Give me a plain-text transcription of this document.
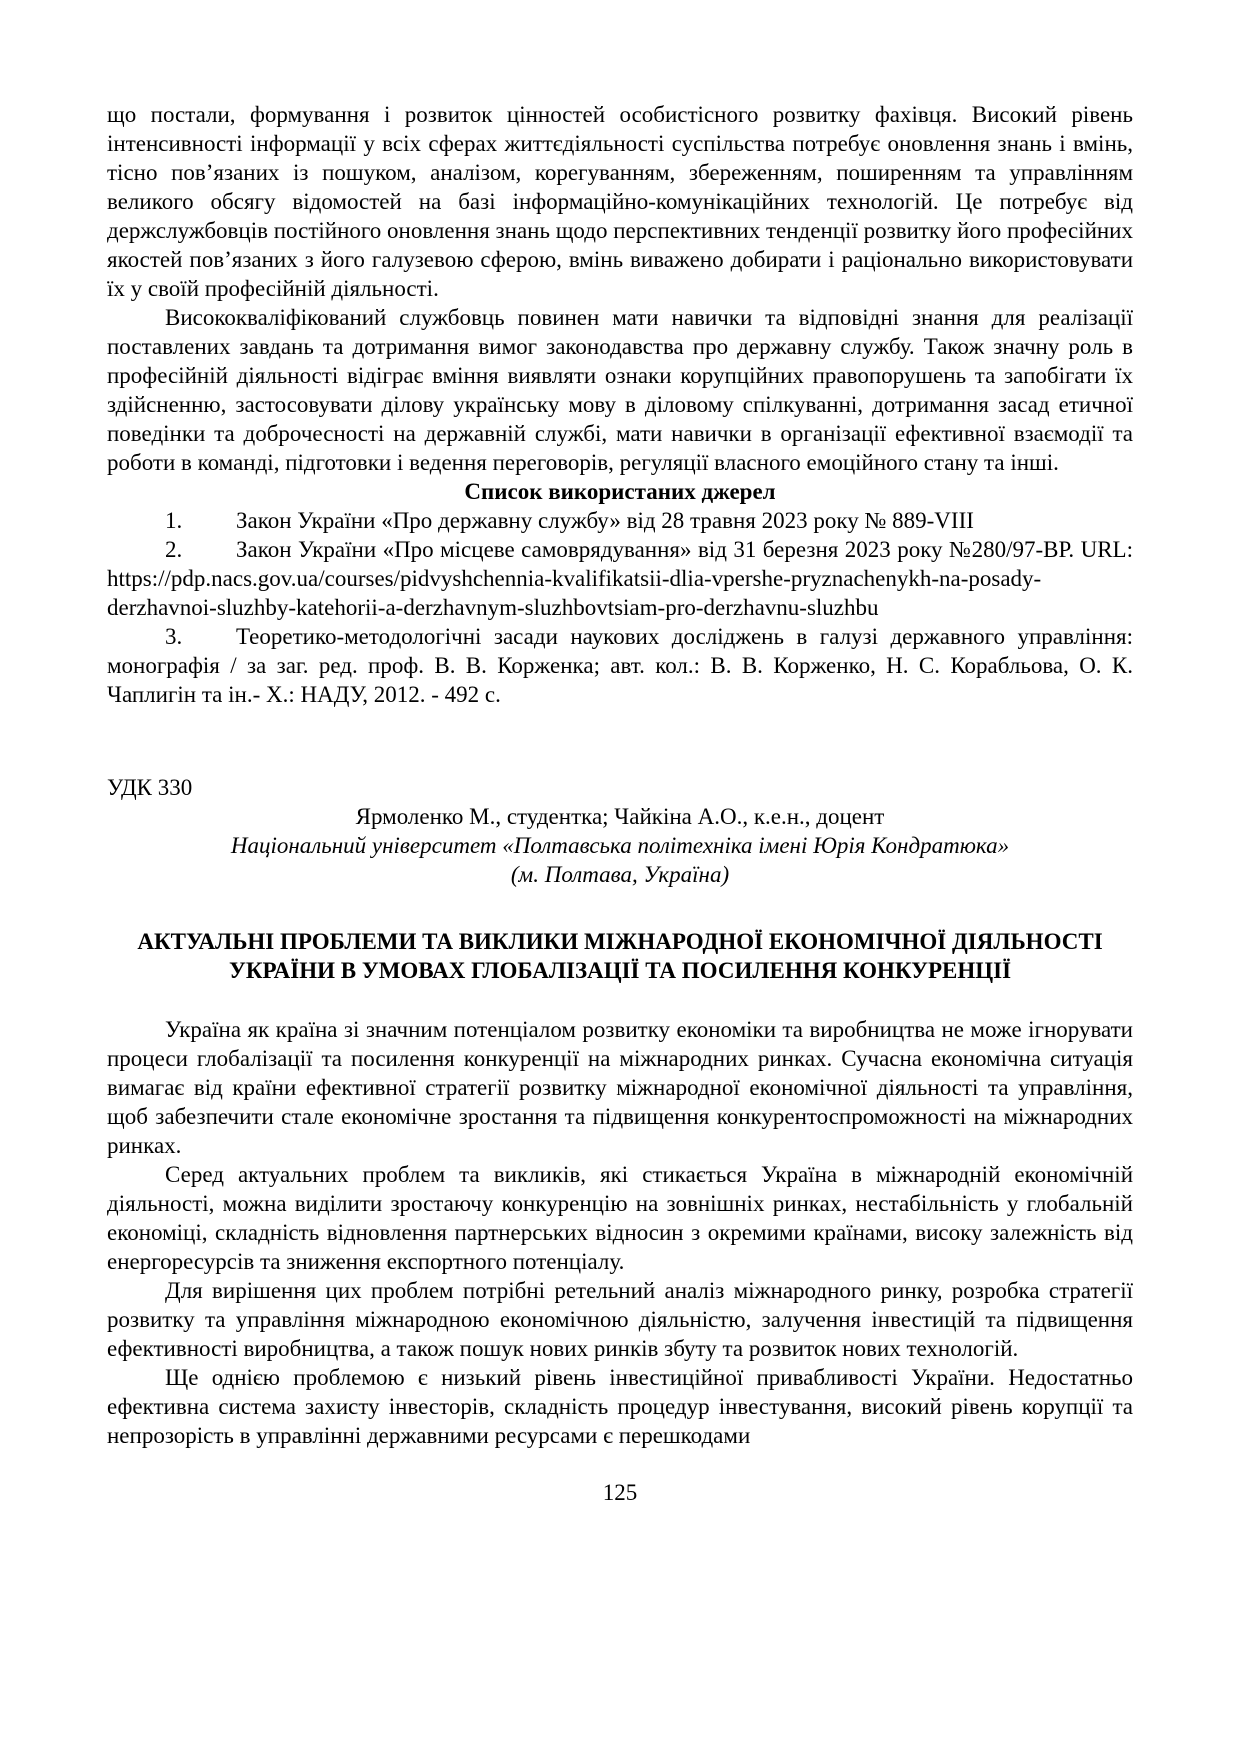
що постали, формування і розвиток цінностей особистісного розвитку фахівця. Високий рівень інтенсивності інформації у всіх сферах життєдіяльності суспільства потребує оновлення знань і вмінь, тісно пов’язаних із пошуком, аналізом, корегуванням, збереженням, поширенням та управлінням великого обсягу відомостей на базі інформаційно-комунікаційних технологій. Це потребує від держслужбовців постійного оновлення знань щодо перспективних тенденції розвитку його професійних якостей пов’язаних з його галузевою сферою, вмінь виважено добирати і раціонально використовувати їх у своїй професійній діяльності.

Висококваліфікований службовць повинен мати навички та відповідні знання для реалізації поставлених завдань та дотримання вимог законодавства про державну службу. Також значну роль в професійній діяльності відіграє вміння виявляти ознаки корупційних правопорушень та запобігати їх здійсненню, застосовувати ділову українську мову в діловому спілкуванні, дотримання засад етичної поведінки та доброчесності на державній службі, мати навички в організації ефективної взаємодії та роботи в команді, підготовки і ведення переговорів, регуляції власного емоційного стану та інші.

Список використаних джерел

1. Закон України «Про державну службу» від 28 травня 2023 року № 889-VIII

2. Закон України «Про місцеве самоврядування» від 31 березня 2023 року №280/97-ВР. URL: https://pdp.nacs.gov.ua/courses/pidvyshchennia-kvalifikatsii-dlia-vpershe-pryznachenykh-na-posady-derzhavnoi-sluzhby-katehorii-a-derzhavnym-sluzhbovtsiam-pro-derzhavnu-sluzhbu

3. Теоретико-методологічні засади наукових досліджень в галузі державного управління: монографія / за заг. ред. проф. В. В. Корженка; авт. кол.: В. В. Корженко, Н. С. Корабльова, О. К. Чаплигін та ін.- Х.: НАДУ, 2012. - 492 с.

УДК 330

Ярмоленко М., студентка; Чайкіна А.О., к.е.н., доцент

Національний університет «Полтавська політехніка імені Юрія Кондратюка»

(м. Полтава, Україна)

АКТУАЛЬНІ ПРОБЛЕМИ ТА ВИКЛИКИ МІЖНАРОДНОЇ ЕКОНОМІЧНОЇ ДІЯЛЬНОСТІ УКРАЇНИ В УМОВАХ ГЛОБАЛІЗАЦІЇ ТА ПОСИЛЕННЯ КОНКУРЕНЦІЇ

Україна як країна зі значним потенціалом розвитку економіки та виробництва не може ігнорувати процеси глобалізації та посилення конкуренції на міжнародних ринках. Сучасна економічна ситуація вимагає від країни ефективної стратегії розвитку міжнародної економічної діяльності та управління, щоб забезпечити стале економічне зростання та підвищення конкурентоспроможності на міжнародних ринках.

Серед актуальних проблем та викликів, які стикається Україна в міжнародній економічній діяльності, можна виділити зростаючу конкуренцію на зовнішніх ринках, нестабільність у глобальній економіці, складність відновлення партнерських відносин з окремими країнами, високу залежність від енергоресурсів та зниження експортного потенціалу.

Для вирішення цих проблем потрібні ретельний аналіз міжнародного ринку, розробка стратегії розвитку та управління міжнародною економічною діяльністю, залучення інвестицій та підвищення ефективності виробництва, а також пошук нових ринків збуту та розвиток нових технологій.

Ще однією проблемою є низький рівень інвестиційної привабливості України. Недостатньо ефективна система захисту інвесторів, складність процедур інвестування, високий рівень корупції та непрозорість в управлінні державними ресурсами є перешкодами

125
